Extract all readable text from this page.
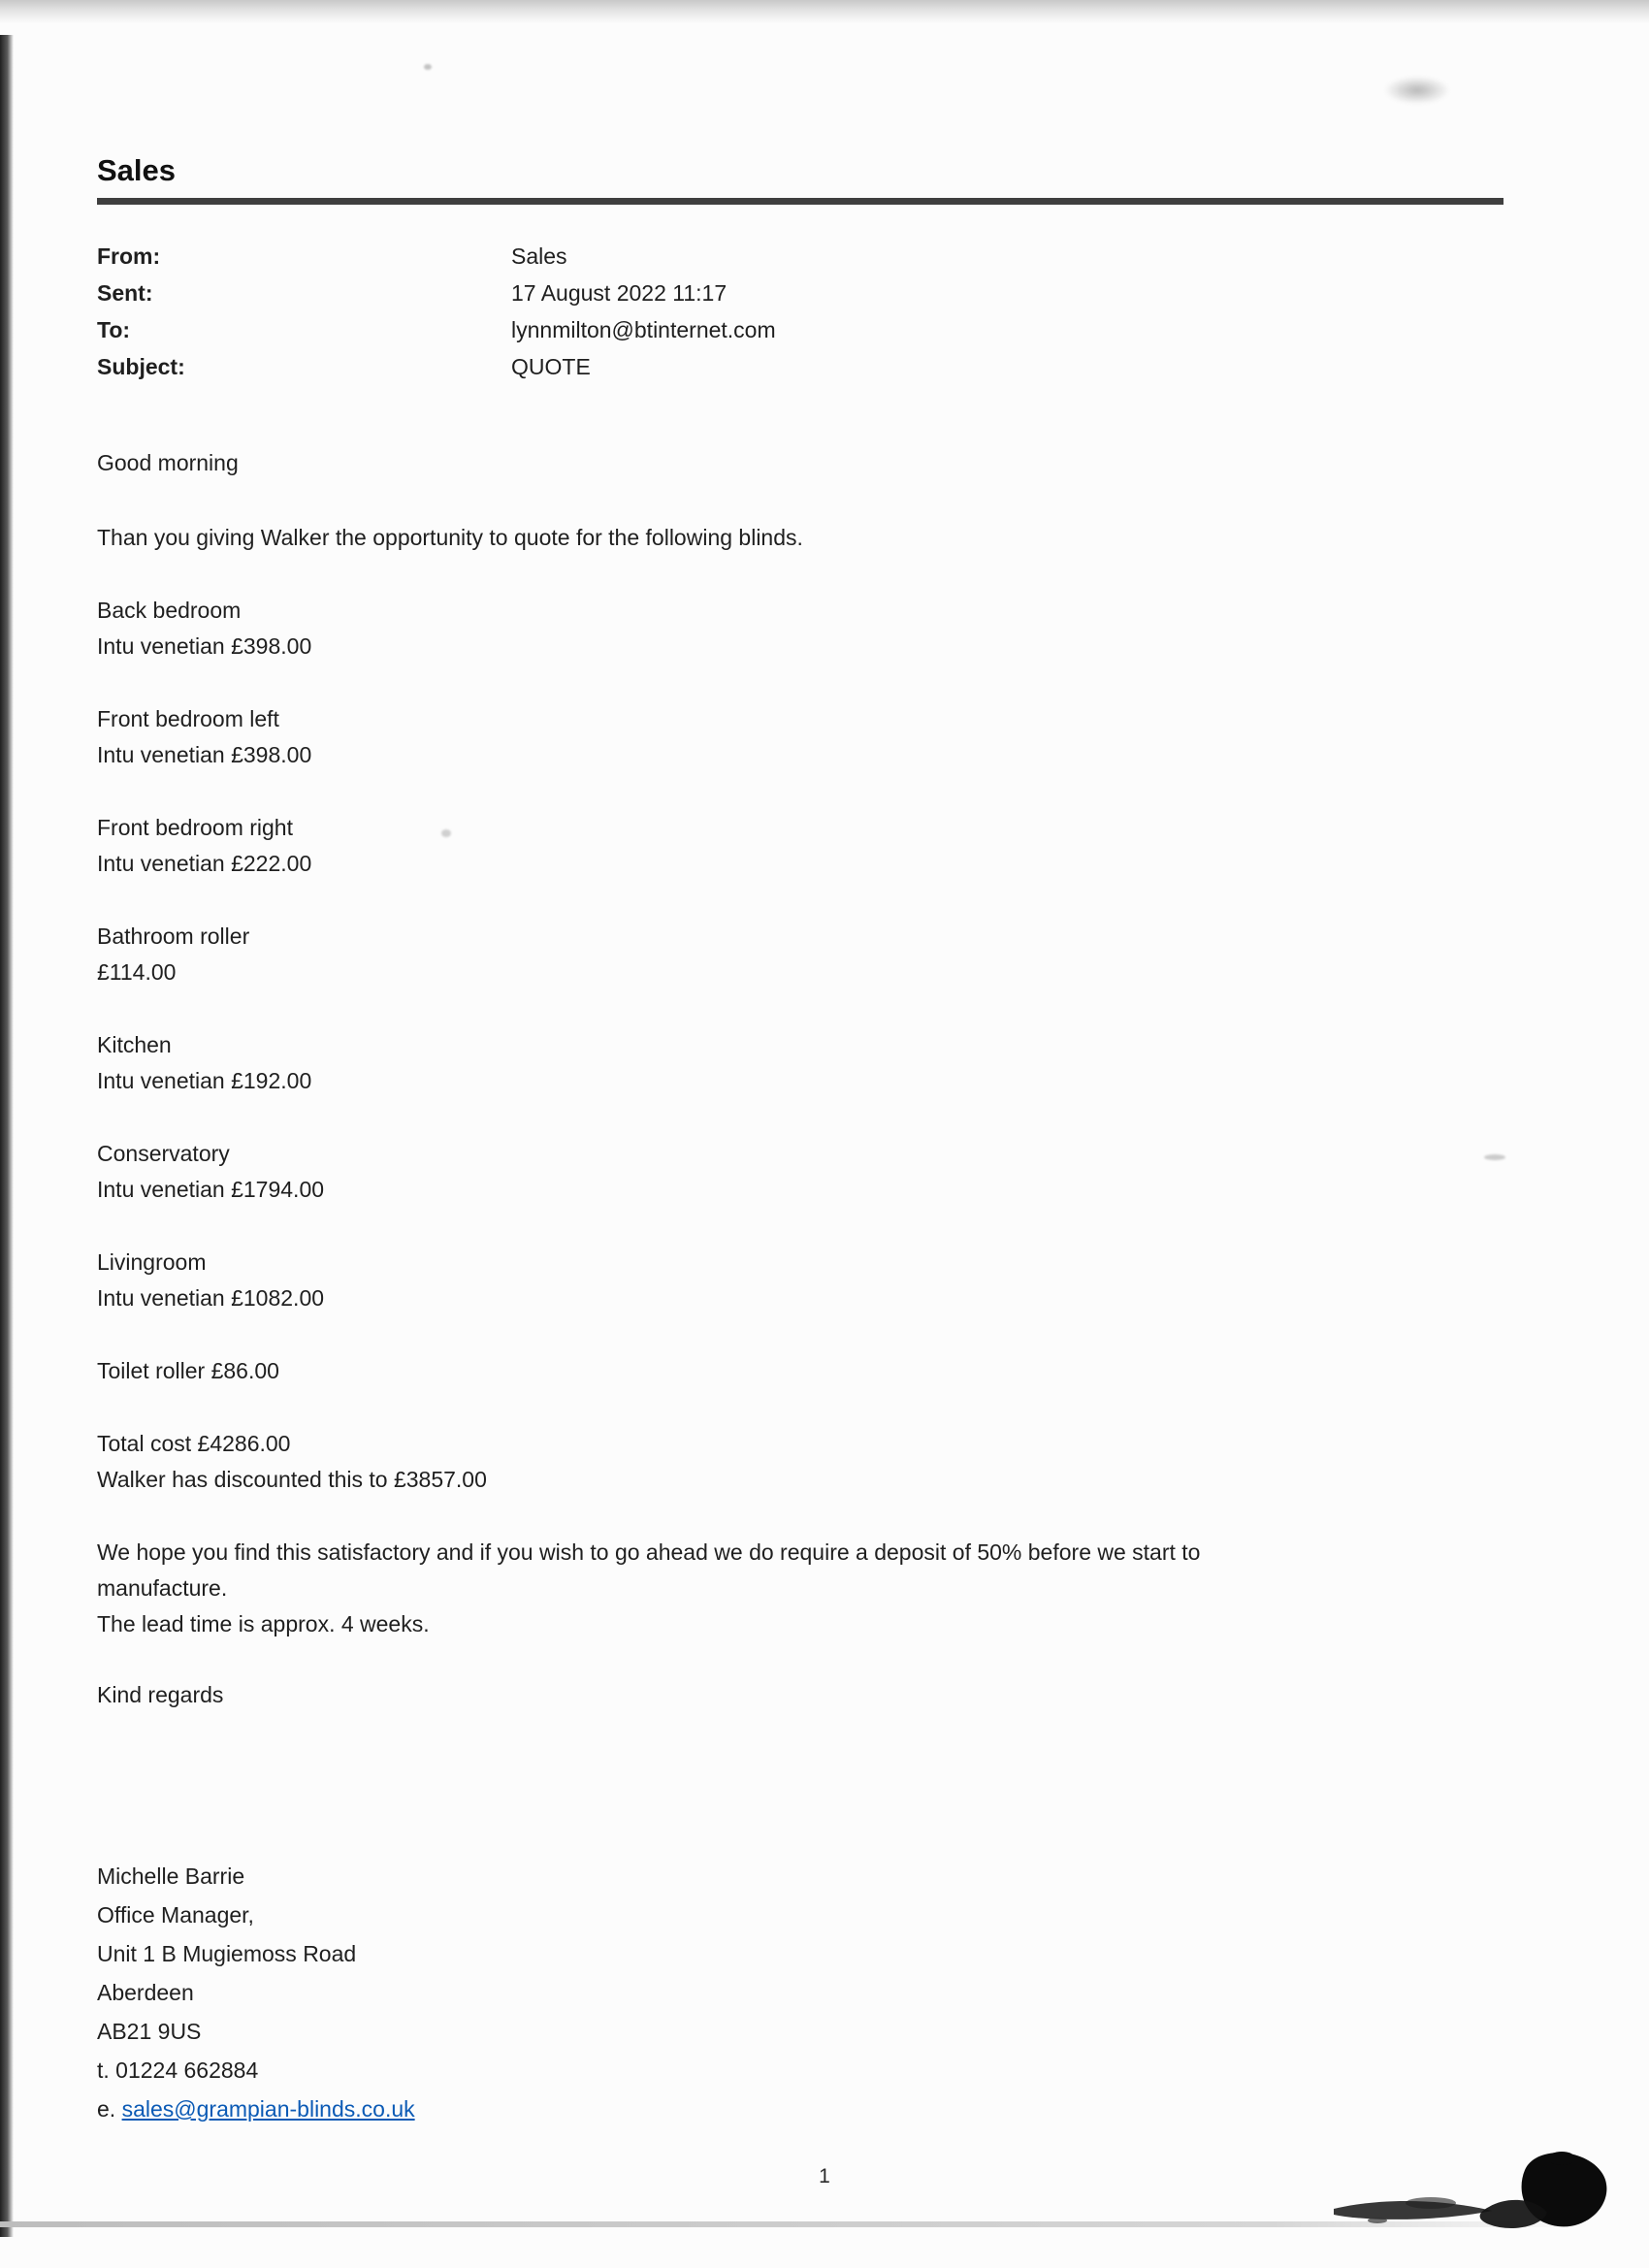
Sales
From:	Sales
Sent:	17 August 2022 11:17
To:	lynnmilton@btinternet.com
Subject:	QUOTE
Good morning
Than you giving Walker the opportunity to quote for the following blinds.
Back bedroom
Intu venetian £398.00
Front bedroom left
Intu venetian £398.00
Front bedroom right
Intu venetian £222.00
Bathroom roller
£114.00
Kitchen
Intu venetian £192.00
Conservatory
Intu venetian £1794.00
Livingroom
Intu venetian £1082.00
Toilet roller £86.00
Total cost £4286.00
Walker has discounted this to £3857.00
We hope you find this satisfactory and if you wish to go ahead we do require a deposit of 50% before we start to
manufacture.
The lead time is approx. 4 weeks.
Kind regards
Michelle Barrie
Office Manager,
Unit 1 B Mugiemoss Road
Aberdeen
AB21 9US
t. 01224 662884
e. sales@grampian-blinds.co.uk
1
